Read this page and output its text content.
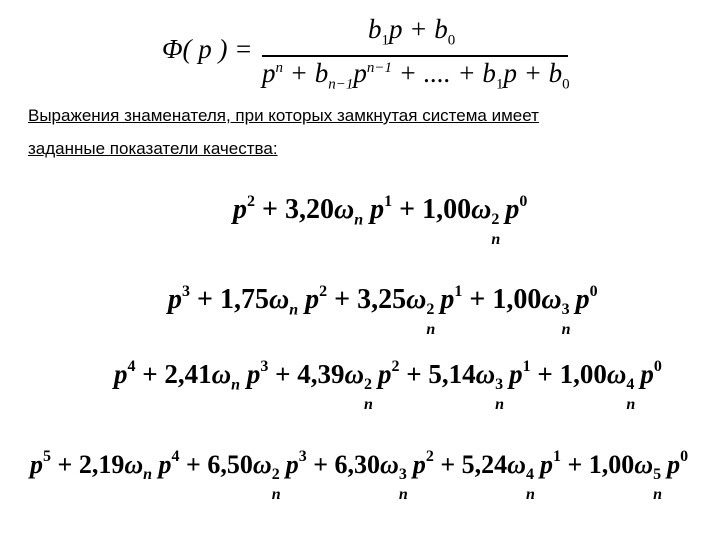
Φ( p ) =
$b_1p + b_0$
$p^n + b_{n-1}p^{n-1}$ + .... + $b_1p + b_0$
Выражения знаменателя, при которых замкнутая система имеет
заданные показатели качества:
$p^2 + 3,20\omega_n$ $p^1 + 1,00\omega$ 2
n
$p^0$
$p^3 + 1,75\omega_n$ $p^2 + 3,25\omega$ 2
n
$p^1 + 1,00\omega$ 3
n
$p^0$
$p^4 + 2,41\omega_n$ $p^3 + 4,39\omega$ 2
n
$p^2 + 5,14\omega$ 3
n
$p^1 + 1,00\omega$ 4
n
$p^0$
$p^5 + 2,19\omega_n$ $p^4 + 6,50\omega$ 2
n
$p^3 + 6,30\omega$ 3
n
$p^2 + 5,24\omega$ 4
n
$p^1 + 1,00\omega$ 5
n
$p^0$
